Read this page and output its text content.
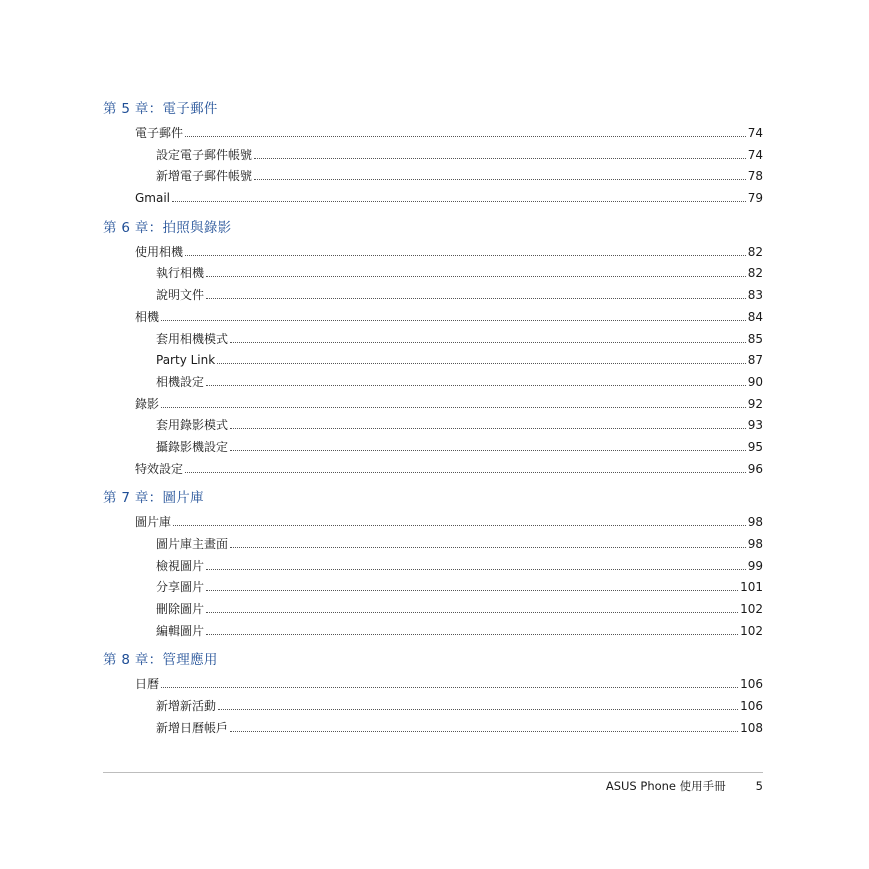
第 5 章：電子郵件
電子郵件	74
設定電子郵件帳號	74
新增電子郵件帳號	78
Gmail	79
第 6 章：拍照與錄影
使用相機	82
執行相機	82
說明文件	83
相機	84
套用相機模式	85
Party Link	87
相機設定	90
錄影	92
套用錄影模式	93
攝錄影機設定	95
特效設定	96
第 7 章：圖片庫
圖片庫	98
圖片庫主畫面	98
檢視圖片	99
分享圖片	101
刪除圖片	102
編輯圖片	102
第 8 章：管理應用
日曆	106
新增新活動	106
新增日曆帳戶	108
ASUS Phone 使用手冊	5
